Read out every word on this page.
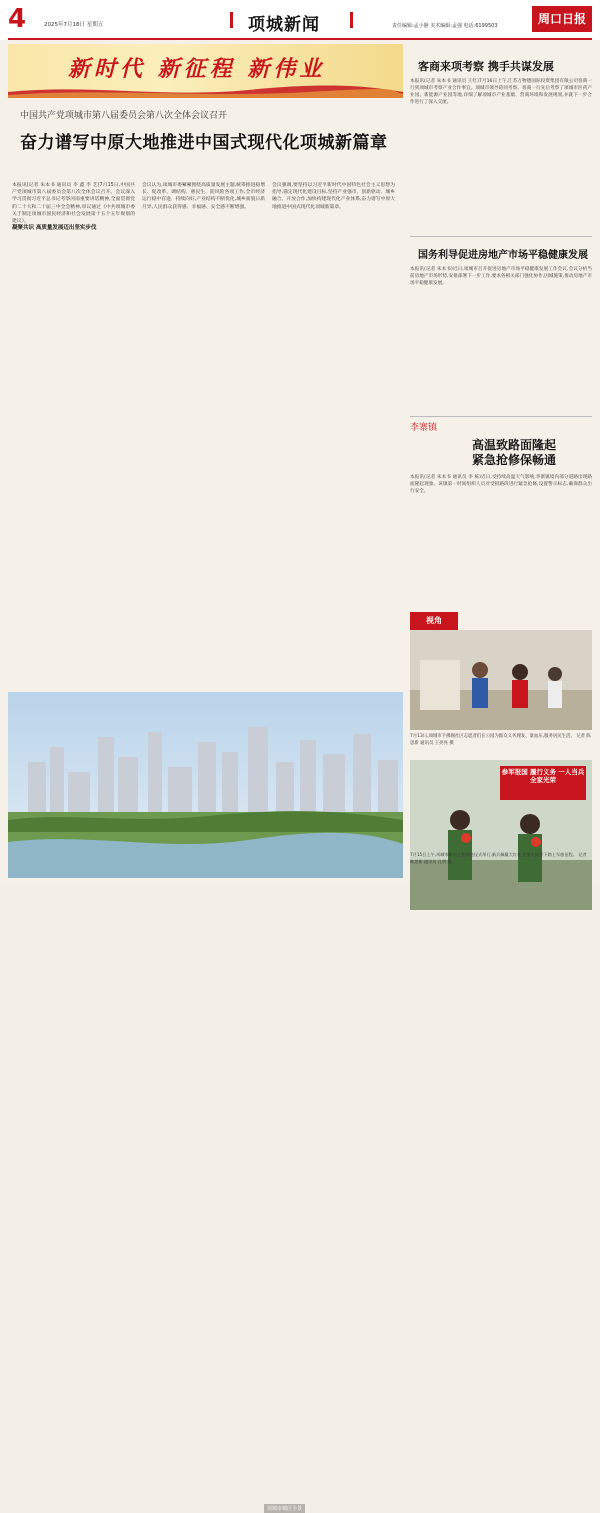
4	2025年7月18日 星期五	项城新闻	责任编辑:孟小静 美术编辑:孟强 电话:6199503	周口日报
新时代 新征程 新伟业
中国共产党项城市第八届委员会第八次全体会议召开
奋力谱写中原大地推进中国式现代化项城新篇章

本报讯(记者 朱本书 通讯员 李 鑫 李 艺)7月15日,中国共产党项城市第八届委员会第八次全体会议召开。会议深入学习贯彻习近平总书记考察河南重要讲话精神,全面贯彻党的二十大和二十届三中全会精神,审议通过《中共项城市委关于制定项城市国民经济和社会发展第十五个五年规划的建议》。

凝聚共识 高质量发展迈出坚实步伐

会议认为,项城市委紧紧围绕高质量发展主题,统筹推进稳增长、促改革、调结构、惠民生、防风险各项工作,全市经济运行稳中有进、持续向好,产业结构不断优化,城乡面貌日新月异,人民群众获得感、幸福感、安全感不断增强。

会议强调,要坚持以习近平新时代中国特色社会主义思想为指导,锚定现代化建设目标,坚持产业强市、创新驱动、城乡融合、开放合作,加快构建现代化产业体系,奋力谱写中原大地推进中国式现代化项城新篇章。

项城市城区全景
客商来项考察 携手共谋发展
本报讯(记者 朱本书 通讯员 王红)7月16日上午,江苏万物德国际投资集团有限公司客商一行到项城市考察产业合作事宜。项城市领导陪同考察。客商一行先后考察了项城市医药产业园、新能源产业园等地,详细了解项城市产业基础、营商环境和发展规划,并就下一步合作进行了深入交流。
国务利导促进房地产市场平稳健康发展
本报讯(记者 朱本书)近日,项城市召开促进房地产市场平稳健康发展工作会议,会议分析当前房地产市场形势,安排部署下一步工作,要求各相关部门强化协作,因城施策,推动房地产市场平稳健康发展。
李寨镇
高温致路面隆起
紧急抢修保畅通
本报讯(记者 朱本书 通讯员 李 栋)近日,受持续高温天气影响,李寨镇境内部分道路出现路面隆起现象。该镇第一时间组织人员对受损路段进行紧急抢修,设置警示标志,确保群众出行安全。
视角
7月13日,项城市千佛阁社区志愿者们在公园为群众义务理发、量血压,服务居民生活。 记者 陈思新 通讯员 王亮亮 摄
参军报国 履行义务 一人当兵 全家光荣
7月15日上午,项城市新兵入伍欢送仪式举行,新兵佩戴大红花,在家人陪伴下踏上军旅征程。 记者 陈思新 通讯员 孔明 摄
